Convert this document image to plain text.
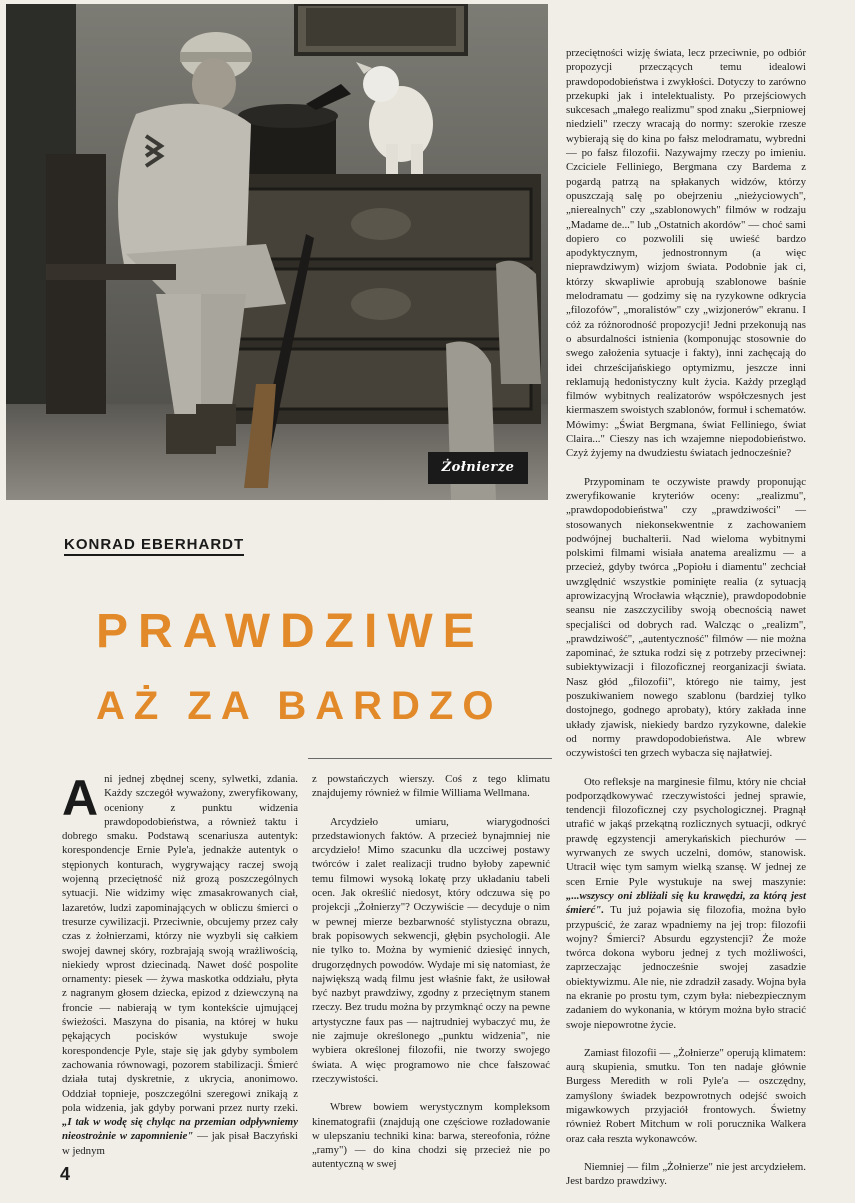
Żołnierze
KONRAD EBERHARDT
PRAWDZIWE
AŻ ZA BARDZO

Ani jednej zbędnej sceny, sylwetki, zdania. Każdy szczegół wyważony, zweryfikowany, oceniony z punktu widzenia prawdopodobieństwa, a również taktu i dobrego smaku. Podstawą scenariusza autentyk: korespondencje Ernie Pyle'a, jednakże autentyk o stępionych konturach, wygrywający raczej swoją wojenną przeciętność niż grozą poszczególnych sytuacji. Nie widzimy więc zmasakrowanych ciał, lazaretów, ludzi zapominających w obliczu śmierci o tresurze cywilizacji. Przeciwnie, obcujemy przez cały czas z żołnierzami, którzy nie wyzbyli się całkiem swojej dawnej skóry, rozbrajają swoją wrażliwością, niekiedy wprost dziecinadą. Nawet dość pospolite ornamenty: piesek — żywa maskotka oddziału, płyta z nagranym głosem dziecka, epizod z dziewczyną na froncie — nabierają w tym kontekście ujmującej świeżości. Maszyna do pisania, na której w huku pękających pocisków wystukuje swoje korespondencje Pyle, staje się jak gdyby symbolem zachowania równowagi, pozorem stabilizacji. Śmierć działa tutaj dyskretnie, z ukrycia, anonimowo. Oddział topnieje, poszczególni szeregowi znikają z pola widzenia, jak gdyby porwani przez nurty rzeki. „I tak w wodę się chyląc na przemian odpływniemy nieostrożnie w zapomnienie" — jak pisał Baczyński w jednym

z powstańczych wierszy. Coś z tego klimatu znajdujemy również w filmie Williama Wellmana.

Arcydzieło umiaru, wiarygodności przedstawionych faktów. A przecież bynajmniej nie arcydzieło! Mimo szacunku dla uczciwej postawy twórców i zalet realizacji trudno byłoby zapewnić temu filmowi wysoką lokatę przy układaniu tabeli ocen. Jak określić niedosyt, który odczuwa się po projekcji „Żołnierzy"? Oczywiście — decyduje o nim w pewnej mierze bezbarwność stylistyczna obrazu, brak popisowych sekwencji, głębin psychologii. Ale nie tylko to. Można by wymienić dziesięć innych, drugorzędnych powodów. Wydaje mi się natomiast, że największą wadą filmu jest właśnie fakt, że usiłował być nazbyt prawdziwy, zgodny z przeciętnym stanem rzeczy. Bez trudu można by przymknąć oczy na pewne artystyczne faux pas — najtrudniej wybaczyć mu, że nie zajmuje określonego „punktu widzenia", nie wybiera określonej filozofii, nie tworzy swojego świata. A więc programowo nie chce fałszować rzeczywistości.

Wbrew bowiem werystycznym kompleksom kinematografii (znajdują one częściowe rozładowanie w ulepszaniu techniki kina: barwa, stereofonia, różne „ramy") — do kina chodzi się przecież nie po autentyczną w swej

przeciętności wizję świata, lecz przeciwnie, po odbiór propozycji przeczących temu idealowi prawdopodobieństwa i zwykłości. Dotyczy to zarówno przekupki jak i intelektualisty. Po przejściowych sukcesach „małego realizmu" spod znaku „Sierpniowej niedzieli" rzeczy wracają do normy: szerokie rzesze wybierają się do kina po fałsz melodramatu, wybredni — po fałsz filozofii. Nazywajmy rzeczy po imieniu. Czciciele Felliniego, Bergmana czy Bardema z pogardą patrzą na spłakanych widzów, którzy opuszczają salę po obejrzeniu „nieżyciowych", „nierealnych" czy „szablonowych" filmów w rodzaju „Madame de..." lub „Ostatnich akordów" — choć sami dopiero co pozwolili się uwieść bardzo apodyktycznym, jednostronnym (a więc nieprawdziwym) wizjom świata. Podobnie jak ci, którzy skwapliwie aprobują szablonowe baśnie melodramatu — godzimy się na ryzykowne odkrycia „filozofów", „moralistów" czy „wizjonerów" ekranu. I cóż za różnorodność propozycji! Jedni przekonują nas o absurdalności istnienia (komponując stosownie do swego założenia sytuacje i fakty), inni zachęcają do idei chrześcijańskiego optymizmu, jeszcze inni reklamują hedonistyczny kult życia. Każdy przegląd filmów wybitnych realizatorów współczesnych jest kiermaszem swoistych szablonów, formuł i schematów. Mówimy: „Świat Bergmana, świat Felliniego, świat Claira..." Cieszy nas ich wzajemne niepodobieństwo. Czyż żyjemy na dwudziestu światach jednocześnie?

Przypominam te oczywiste prawdy proponując zweryfikowanie kryteriów oceny: „realizmu", „prawdopodobieństwa" czy „prawdziwości" — stosowanych niekonsekwentnie z zachowaniem podwójnej buchalterii. Nad wieloma wybitnymi polskimi filmami wisiała anatema arealizmu — a przecież, gdyby twórca „Popiołu i diamentu" zechciał uwzględnić wszystkie pominięte realia (z sytuacją aprowizacyjną Wrocławia włącznie), prawdopodobnie seansu nie zaszczyciliby swoją obecnością nawet specjaliści od dobrych rad. Walcząc o „realizm", „prawdziwość", „autentyczność" filmów — nie można zapominać, że sztuka rodzi się z potrzeby przeciwnej: subiektywizacji i filozoficznej reorganizacji świata. Nasz głód „filozofii", którego nie taimy, jest poszukiwaniem nowego szablonu (bardziej tylko dostojnego, godnego aprobaty), który zakłada inne układy zjawisk, niekiedy bardzo ryzykowne, dalekie od normy prawdopodobieństwa. Ale wbrew oczywistości ten grzech wybacza się najłatwiej.

Oto refleksje na marginesie filmu, który nie chciał podporządkowywać rzeczywistości jednej sprawie, tendencji filozoficznej czy psychologicznej. Pragnął utrafić w jakąś przekątną rozlicznych sytuacji, odkryć prawdę egzystencji amerykańskich piechurów — wyrwanych ze swych uczelni, domów, stanowisk. Utracił więc tym samym wielką szansę. W jednej ze scen Ernie Pyle wystukuje na swej maszynie: „...wszyscy oni zbliżali się ku krawędzi, za którą jest śmierć". Tu już pojawia się filozofia, można było przypuścić, że zaraz wpadniemy na jej trop: filozofii wojny? Śmierci? Absurdu egzystencji? Że może twórca dokona wyboru jednej z tych możliwości, zaprzeczając jednocześnie swojej zasadzie obiektywizmu. Ale nie, nie zdradził zasady. Wojna była na ekranie po prostu tym, czym była: niebezpiecznym zadaniem do wykonania, w którym można było stracić swoje niepowrotne życie.

Zamiast filozofii — „Żołnierze" operują klimatem: aurą skupienia, smutku. Ton ten nadaje głównie Burgess Meredith w roli Pyle'a — oszczędny, zamyślony świadek bezpowrotnych odejść swoich migawkowych przyjaciół frontowych. Świetny również Robert Mitchum w roli porucznika Walkera oraz cała reszta wykonawców.

Niemniej — film „Żołnierze" nie jest arcydziełem. Jest bardzo prawdziwy.

4
